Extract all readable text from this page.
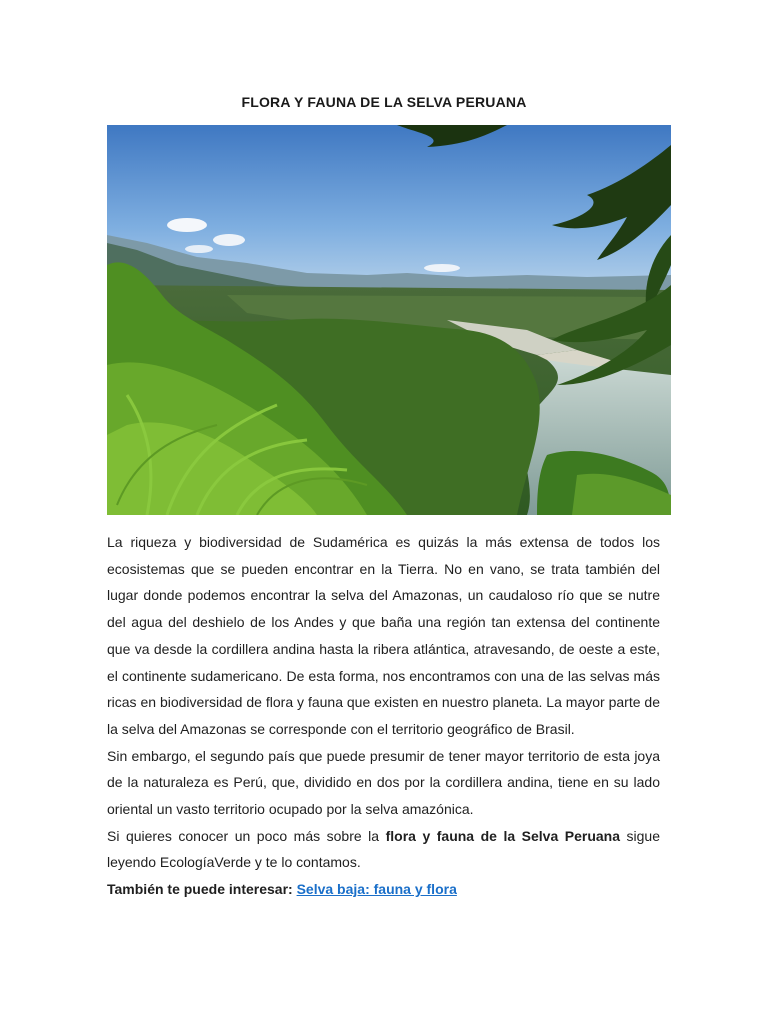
FLORA Y FAUNA DE LA SELVA PERUANA

La riqueza y biodiversidad de Sudamérica es quizás la más extensa de todos los ecosistemas que se pueden encontrar en la Tierra. No en vano, se trata también del lugar donde podemos encontrar la selva del Amazonas, un caudaloso río que se nutre del agua del deshielo de los Andes y que baña una región tan extensa del continente que va desde la cordillera andina hasta la ribera atlántica, atravesando, de oeste a este, el continente sudamericano. De esta forma, nos encontramos con una de las selvas más ricas en biodiversidad de flora y fauna que existen en nuestro planeta. La mayor parte de la selva del Amazonas se corresponde con el territorio geográfico de Brasil.

Sin embargo, el segundo país que puede presumir de tener mayor territorio de esta joya de la naturaleza es Perú, que, dividido en dos por la cordillera andina, tiene en su lado oriental un vasto territorio ocupado por la selva amazónica.

Si quieres conocer un poco más sobre la flora y fauna de la Selva Peruana sigue leyendo EcologíaVerde y te lo contamos.

También te puede interesar: Selva baja: fauna y flora
